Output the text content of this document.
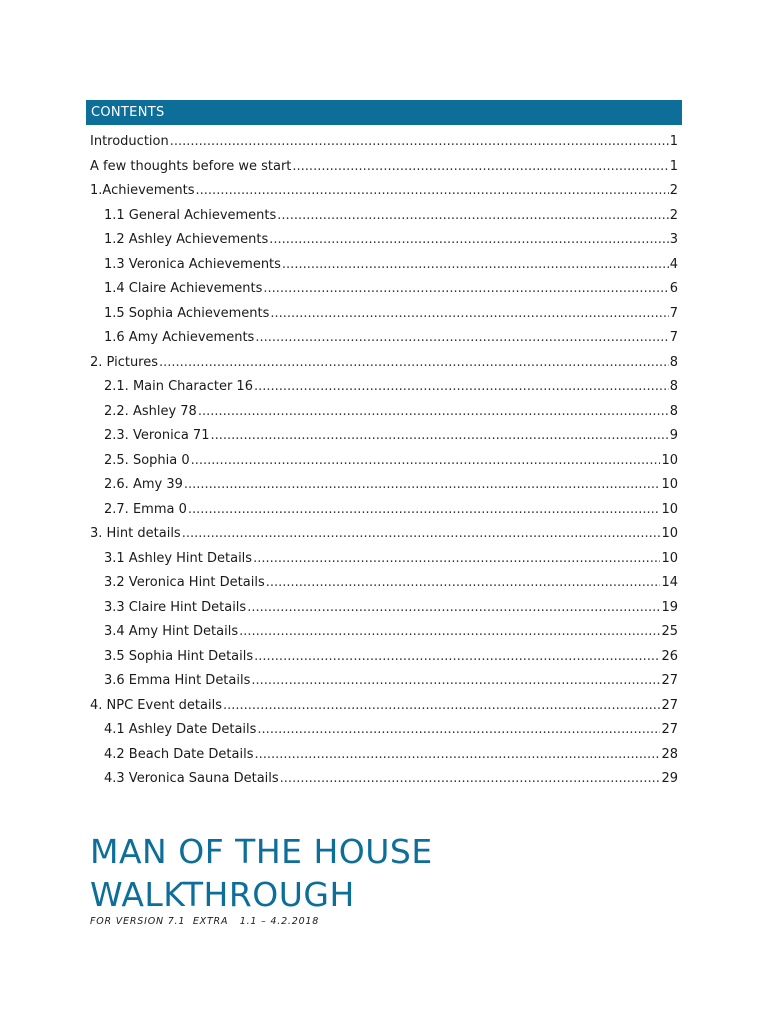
CONTENTS
Introduction .....	1
A few thoughts before we start .....	1
1.Achievements .....	2
1.1 General Achievements .....	2
1.2 Ashley Achievements .....	3
1.3 Veronica Achievements .....	4
1.4 Claire Achievements .....	6
1.5 Sophia Achievements .....	7
1.6 Amy Achievements .....	7
2. Pictures .....	8
2.1. Main Character 16 .....	8
2.2. Ashley 78 .....	8
2.3. Veronica 71 .....	9
2.5. Sophia 0 .....	10
2.6. Amy 39 .....	10
2.7. Emma 0 .....	10
3. Hint details .....	10
3.1 Ashley Hint Details .....	10
3.2 Veronica Hint Details .....	14
3.3 Claire Hint Details .....	19
3.4 Amy Hint Details .....	25
3.5 Sophia Hint Details .....	26
3.6 Emma Hint Details .....	27
4. NPC Event details .....	27
4.1 Ashley Date Details .....	27
4.2 Beach Date Details .....	28
4.3 Veronica Sauna Details .....	29
MAN OF THE HOUSE
WALKTHROUGH
FOR VERSION 7.1  EXTRA   1.1 – 4.2.2018
